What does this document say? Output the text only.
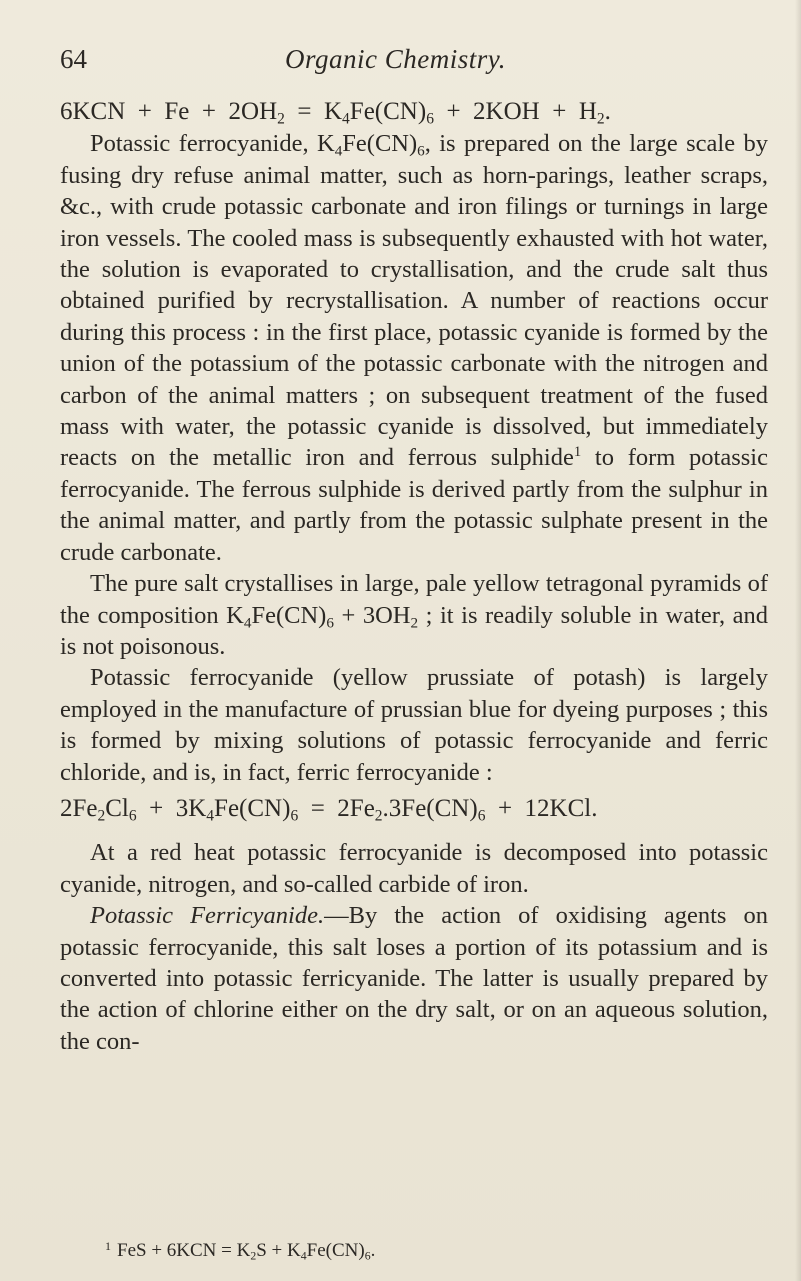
64	Organic Chemistry.
$6KCN + Fe + 2OH_2 = K_4Fe(CN)_6 + 2KOH + H_2$.

Potassic ferrocyanide, $K_4Fe(CN)_6$, is prepared on the large scale by fusing dry refuse animal matter, such as horn-parings, leather scraps, &c., with crude potassic carbonate and iron filings or turnings in large iron vessels. The cooled mass is subsequently exhausted with hot water, the solution is evaporated to crystallisation, and the crude salt thus obtained purified by recrystallisation. A number of reactions occur during this process : in the first place, potassic cyanide is formed by the union of the potassium of the potassic carbonate with the nitrogen and carbon of the animal matters ; on subsequent treatment of the fused mass with water, the potassic cyanide is dissolved, but immediately reacts on the metallic iron and ferrous sulphide$^1$ to form potassic ferrocyanide. The ferrous sulphide is derived partly from the sulphur in the animal matter, and partly from the potassic sulphate present in the crude carbonate.

The pure salt crystallises in large, pale yellow tetragonal pyramids of the composition $K_4Fe(CN)_6 + 3OH_2$ ; it is readily soluble in water, and is not poisonous.

Potassic ferrocyanide (yellow prussiate of potash) is largely employed in the manufacture of prussian blue for dyeing purposes ; this is formed by mixing solutions of potassic ferrocyanide and ferric chloride, and is, in fact, ferric ferrocyanide :

$2Fe_2Cl_6 + 3K_4Fe(CN)_6 = 2Fe_2.3Fe(CN)_6 + 12KCl$.

At a red heat potassic ferrocyanide is decomposed into potassic cyanide, nitrogen, and so-called carbide of iron.

Potassic Ferricyanide.—By the action of oxidising agents on potassic ferrocyanide, this salt loses a portion of its potassium and is converted into potassic ferricyanide. The latter is usually prepared by the action of chlorine either on the dry salt, or on an aqueous solution, the con-

$^1$ FeS + $6KCN = K_2S + K_4Fe(CN)_6$.
